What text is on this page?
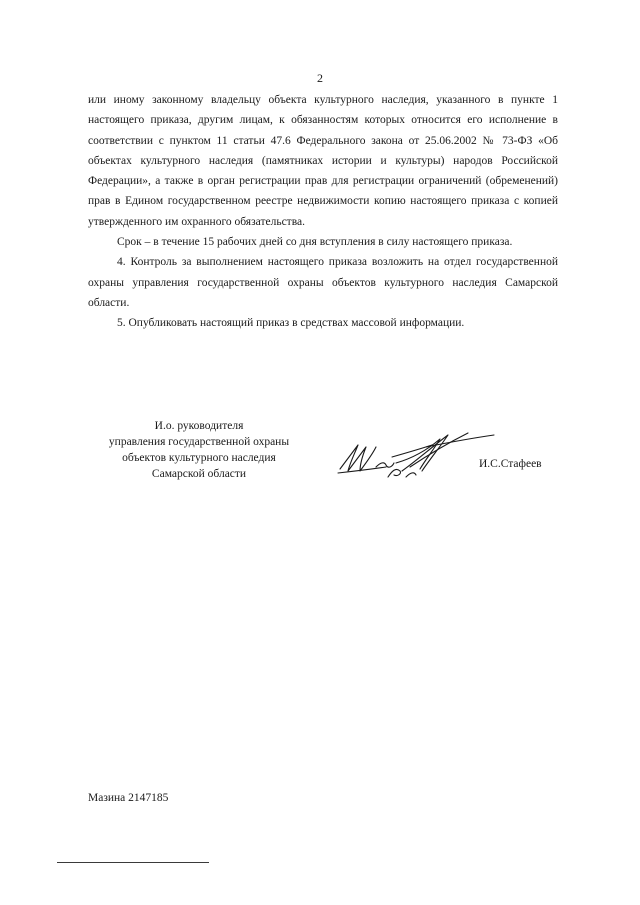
2

или иному законному владельцу объекта культурного наследия, указанного в пункте 1 настоящего приказа, другим лицам, к обязанностям которых относится его исполнение в соответствии с пунктом 11 статьи 47.6 Федерального закона от 25.06.2002 № 73-ФЗ «Об объектах культурного наследия (памятниках истории и культуры) народов Российской Федерации», а также в орган регистрации прав для регистрации ограничений (обременений) прав в Едином государственном реестре недвижимости копию настоящего приказа с копией утвержденного им охранного обязательства.

Срок – в течение 15 рабочих дней со дня вступления в силу настоящего приказа.

4. Контроль за выполнением настоящего приказа возложить на отдел государственной охраны управления государственной охраны объектов культурного наследия Самарской области.

5. Опубликовать настоящий приказ в средствах массовой информации.

И.о. руководителя
управления государственной охраны
объектов культурного наследия
Самарской области
И.С.Стафеев
Мазина 2147185
